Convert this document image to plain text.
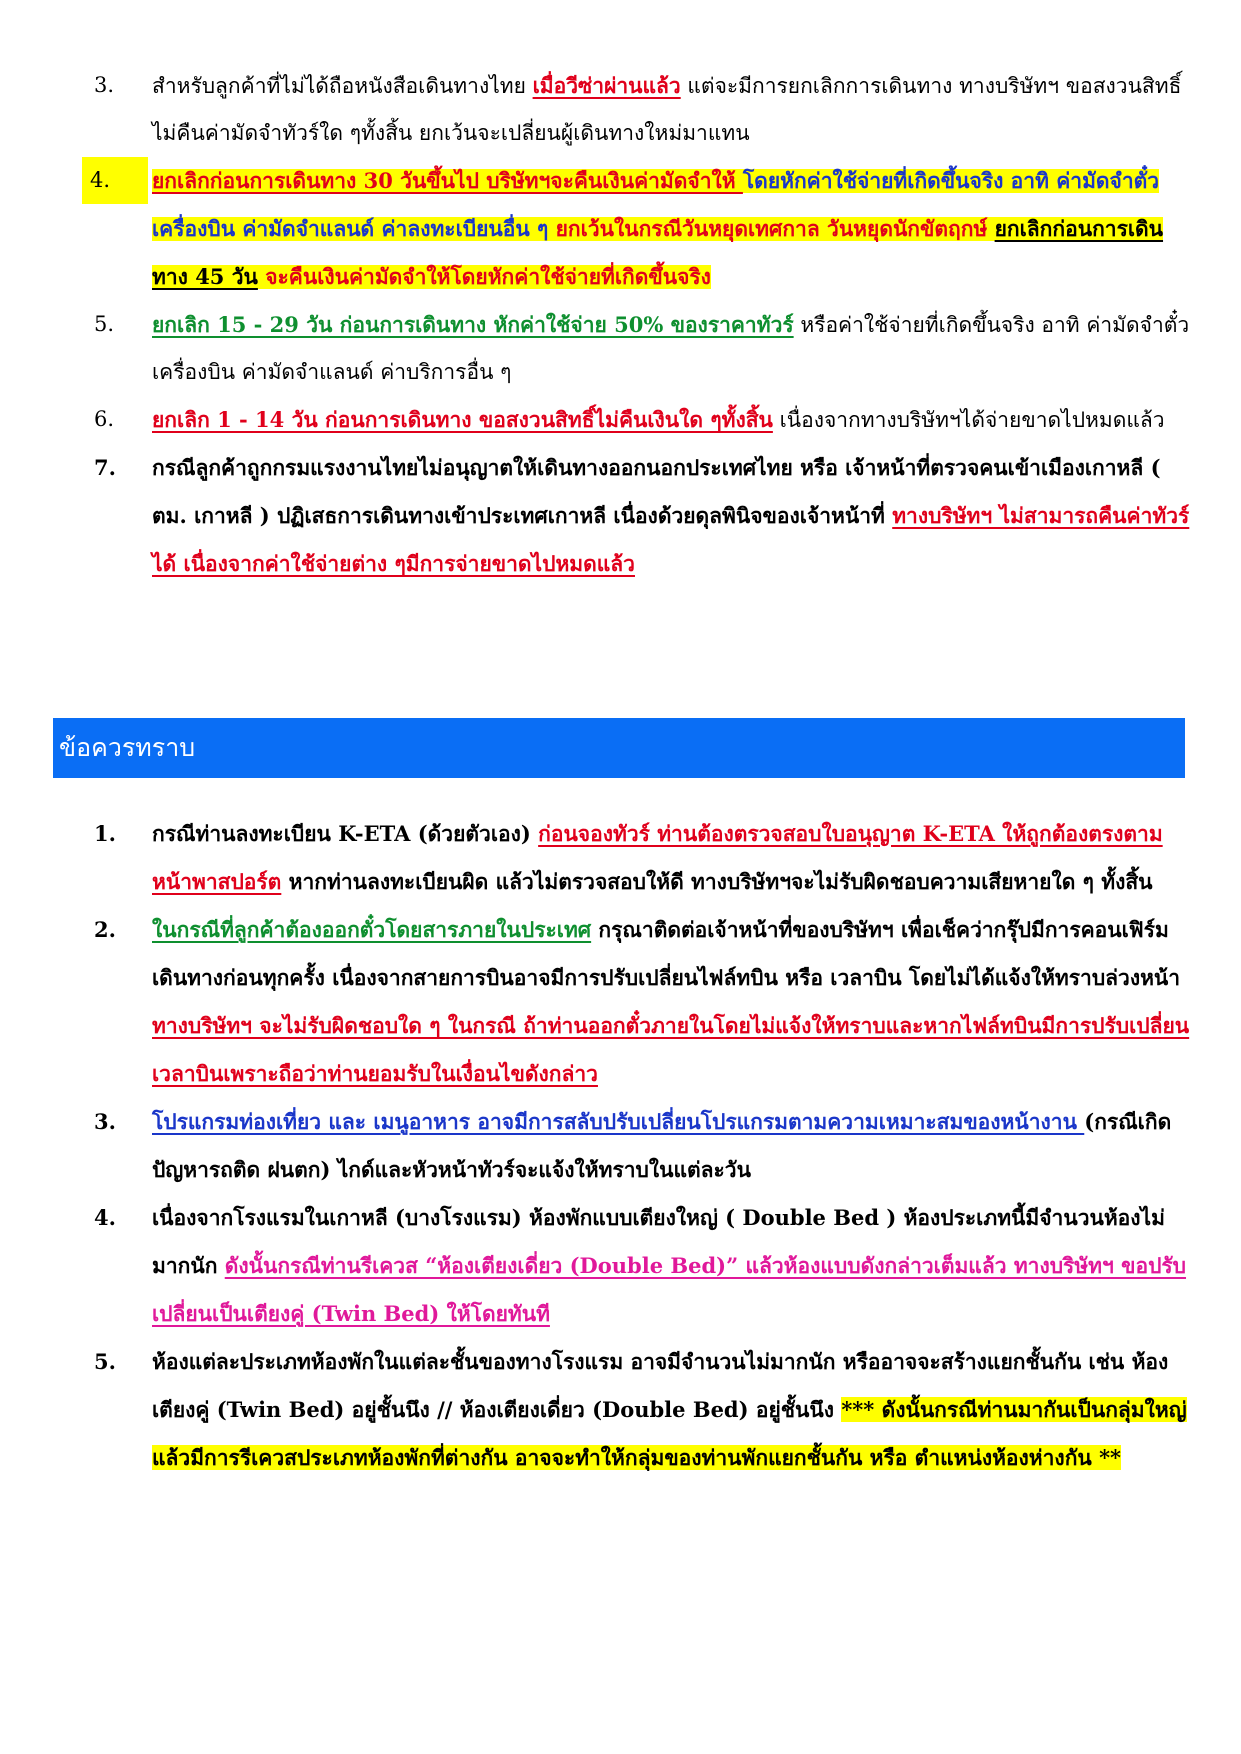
3.	สำหรับลูกค้าที่ไม่ได้ถือหนังสือเดินทางไทย เมื่อวีซ่าผ่านแล้ว แต่จะมีการยกเลิกการเดินทาง ทางบริษัทฯ ขอสงวนสิทธิ์ไม่คืนค่ามัดจำทัวร์ใด ๆทั้งสิ้น ยกเว้นจะเปลี่ยนผู้เดินทางใหม่มาแทน

4.	ยกเลิกก่อนการเดินทาง 30 วันขึ้นไป บริษัทฯจะคืนเงินค่ามัดจำให้ โดยหักค่าใช้จ่ายที่เกิดขึ้นจริง อาทิ ค่ามัดจำตั๋วเครื่องบิน ค่ามัดจำแลนด์ ค่าลงทะเบียนอื่น ๆ ยกเว้นในกรณีวันหยุดเทศกาล วันหยุดนักขัตฤกษ์ ยกเลิกก่อนการเดินทาง 45 วัน จะคืนเงินค่ามัดจำให้โดยหักค่าใช้จ่ายที่เกิดขึ้นจริง

5.	ยกเลิก 15 - 29 วัน ก่อนการเดินทาง หักค่าใช้จ่าย 50% ของราคาทัวร์ หรือค่าใช้จ่ายที่เกิดขึ้นจริง อาทิ ค่ามัดจำตั๋วเครื่องบิน ค่ามัดจำแลนด์ ค่าบริการอื่น ๆ

6.	ยกเลิก 1 - 14 วัน ก่อนการเดินทาง ขอสงวนสิทธิ์ไม่คืนเงินใด ๆทั้งสิ้น เนื่องจากทางบริษัทฯได้จ่ายขาดไปหมดแล้ว

7.	กรณีลูกค้าถูกกรมแรงงานไทยไม่อนุญาตให้เดินทางออกนอกประเทศไทย หรือ เจ้าหน้าที่ตรวจคนเข้าเมืองเกาหลี ( ตม. เกาหลี ) ปฏิเสธการเดินทางเข้าประเทศเกาหลี เนื่องด้วยดุลพินิจของเจ้าหน้าที่ ทางบริษัทฯ ไม่สามารถคืนค่าทัวร์ได้ เนื่องจากค่าใช้จ่ายต่าง ๆมีการจ่ายขาดไปหมดแล้ว

ข้อควรทราบ

1.	กรณีท่านลงทะเบียน K-ETA (ด้วยตัวเอง) ก่อนจองทัวร์ ท่านต้องตรวจสอบใบอนุญาต K-ETA ให้ถูกต้องตรงตามหน้าพาสปอร์ต หากท่านลงทะเบียนผิด แล้วไม่ตรวจสอบให้ดี ทางบริษัทฯจะไม่รับผิดชอบความเสียหายใด ๆ ทั้งสิ้น

2.	ในกรณีที่ลูกค้าต้องออกตั๋วโดยสารภายในประเทศ กรุณาติดต่อเจ้าหน้าที่ของบริษัทฯ เพื่อเช็คว่ากรุ๊ปมีการคอนเฟิร์มเดินทางก่อนทุกครั้ง เนื่องจากสายการบินอาจมีการปรับเปลี่ยนไฟล์ทบิน หรือ เวลาบิน โดยไม่ได้แจ้งให้ทราบล่วงหน้า ทางบริษัทฯ จะไม่รับผิดชอบใด ๆ ในกรณี ถ้าท่านออกตั๋วภายในโดยไม่แจ้งให้ทราบและหากไฟล์ทบินมีการปรับเปลี่ยนเวลาบินเพราะถือว่าท่านยอมรับในเงื่อนไขดังกล่าว

3.	โปรแกรมท่องเที่ยว และ เมนูอาหาร อาจมีการสลับปรับเปลี่ยนโปรแกรมตามความเหมาะสมของหน้างาน (กรณีเกิดปัญหารถติด ฝนตก) ไกด์และหัวหน้าทัวร์จะแจ้งให้ทราบในแต่ละวัน

4.	เนื่องจากโรงแรมในเกาหลี (บางโรงแรม) ห้องพักแบบเตียงใหญ่ ( Double Bed ) ห้องประเภทนี้มีจำนวนห้องไม่มากนัก ดังนั้นกรณีท่านรีเควส “ห้องเตียงเดี่ยว (Double Bed)” แล้วห้องแบบดังกล่าวเต็มแล้ว ทางบริษัทฯ ขอปรับเปลี่ยนเป็นเตียงคู่ (Twin Bed) ให้โดยทันที

5.	ห้องแต่ละประเภทห้องพักในแต่ละชั้นของทางโรงแรม อาจมีจำนวนไม่มากนัก หรืออาจจะสร้างแยกชั้นกัน เช่น ห้องเตียงคู่ (Twin Bed) อยู่ชั้นนึง // ห้องเตียงเดี่ยว (Double Bed) อยู่ชั้นนึง *** ดังนั้นกรณีท่านมากันเป็นกลุ่มใหญ่ แล้วมีการรีเควสประเภทห้องพักที่ต่างกัน อาจจะทำให้กลุ่มของท่านพักแยกชั้นกัน หรือ ตำแหน่งห้องห่างกัน **
